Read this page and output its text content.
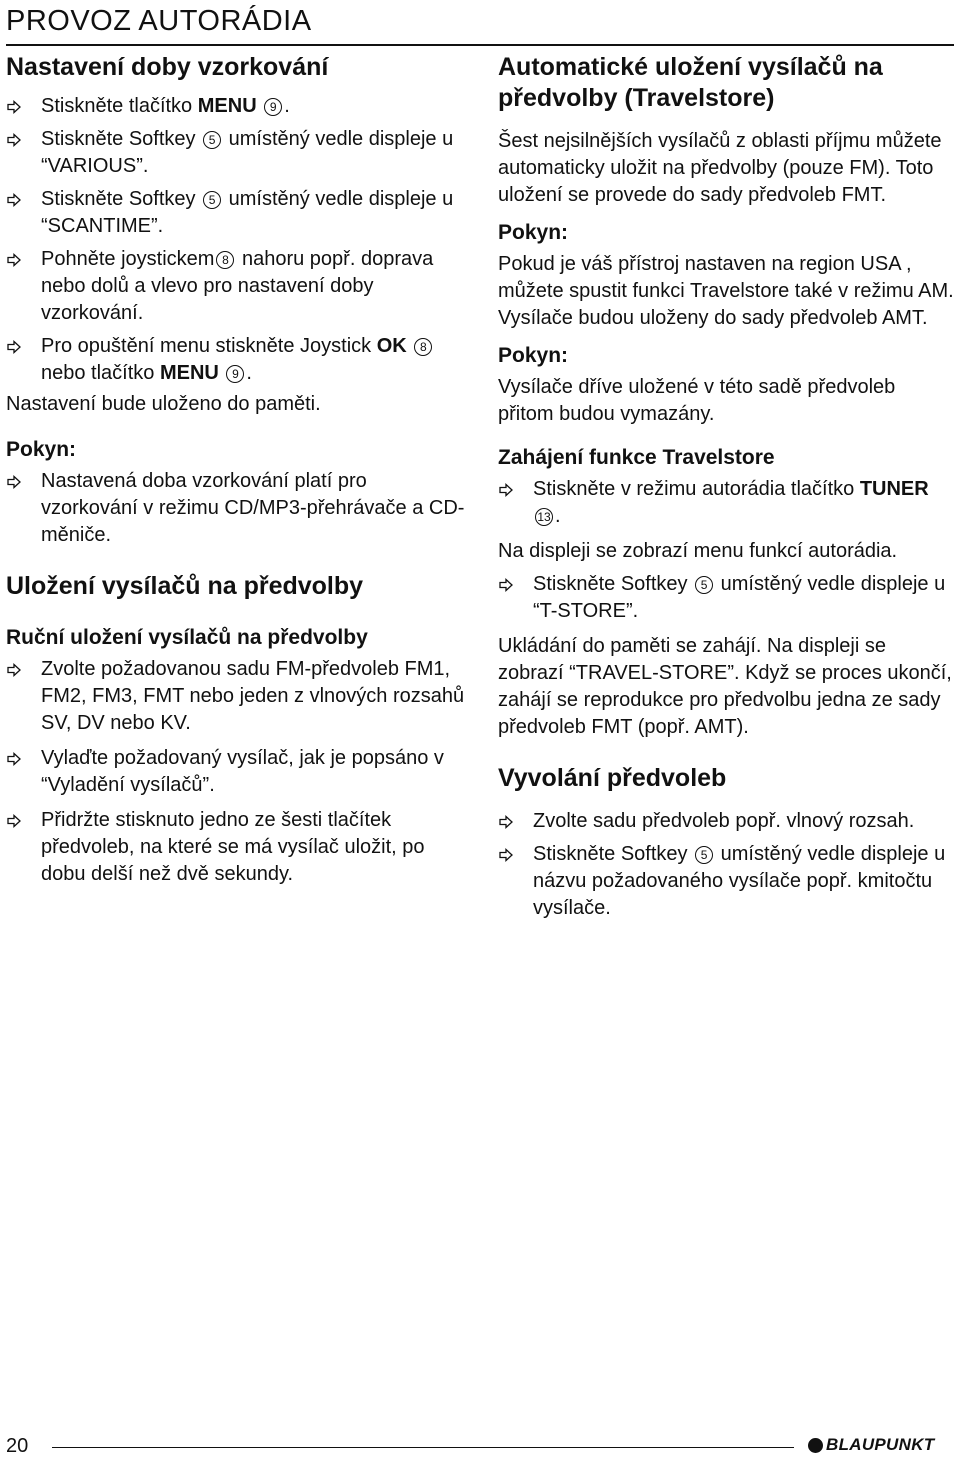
PROVOZ AUTORÁDIA
Nastavení doby vzorkování
Stiskněte tlačítko MENU 9 .
Stiskněte Softkey 5 umístěný vedle displeje u “VARIOUS”.
Stiskněte Softkey 5 umístěný vedle displeje u “SCANTIME”.
Pohněte joystickem 8 nahoru popř. doprava nebo dolů a vlevo pro nastavení doby vzorkování.
Pro opuštění menu stiskněte Joystick OK 8 nebo tlačítko MENU 9 .

Nastavení bude uloženo do paměti.

Pokyn:
Nastavená doba vzorkování platí pro vzorkování v režimu CD/MP3-přehrávače a CD-měniče.
Uložení vysílačů na předvolby
Ruční uložení vysílačů na předvolby
Zvolte požadovanou sadu FM-předvoleb FM1, FM2, FM3, FMT nebo jeden z vlnových rozsahů SV, DV nebo KV.
Vylaďte požadovaný vysílač, jak je popsáno v “Vyladění vysílačů”.
Přidržte stisknuto jedno ze šesti tlačítek předvoleb, na které se má vysílač uložit, po dobu delší než dvě sekundy.
Automatické uložení vysílačů na předvolby (Travelstore)

Šest nejsilnějších vysílačů z oblasti příjmu můžete automaticky uložit na předvolby (pouze FM). Toto uložení se provede do sady předvoleb FMT.

Pokyn:

Pokud je váš přístroj nastaven na region USA , můžete spustit funkci Travelstore také v režimu AM. Vysílače budou uloženy do sady předvoleb AMT.

Pokyn:

Vysílače dříve uložené v této sadě předvoleb přitom budou vymazány.

Zahájení funkce Travelstore
Stiskněte v režimu autorádia tlačítko TUNER 13 .

Na displeji se zobrazí menu funkcí autorádia.

Stiskněte Softkey 5 umístěný vedle displeje u “T-STORE”.

Ukládání do paměti se zahájí. Na displeji se zobrazí “TRAVEL-STORE”. Když se proces ukončí, zahájí se reprodukce pro předvolbu jedna ze sady předvoleb FMT (popř. AMT).

Vyvolání předvoleb
Zvolte sadu předvoleb popř. vlnový rozsah.
Stiskněte Softkey 5 umístěný vedle displeje u názvu požadovaného vysílače popř. kmitočtu vysílače.
20	BLAUPUNKT
